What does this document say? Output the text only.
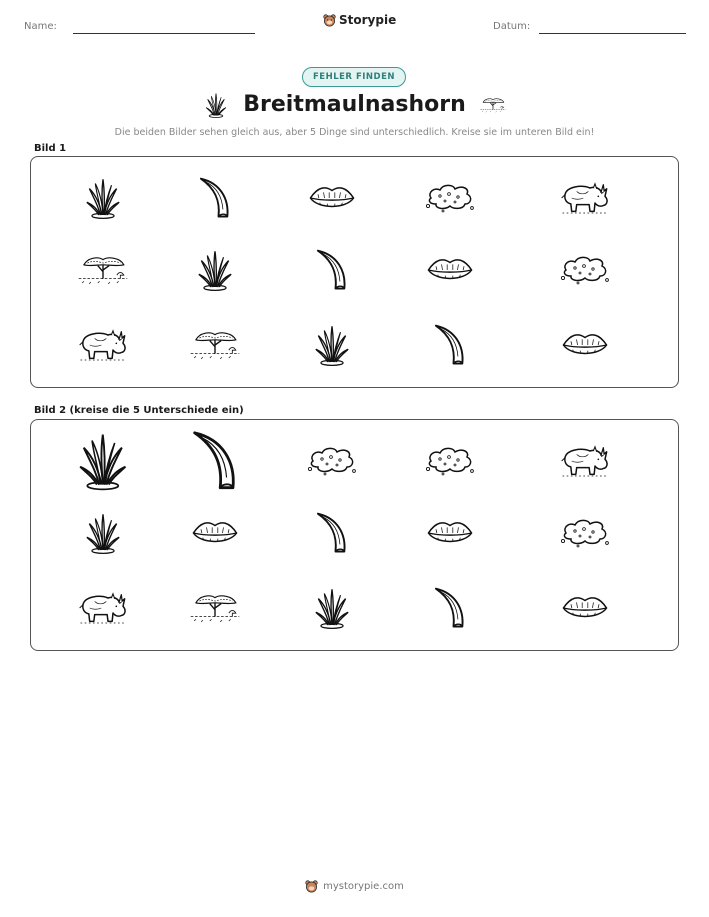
Name:	Storypie	Datum:
FEHLER FINDEN
Breitmaulnashorn
Die beiden Bilder sehen gleich aus, aber 5 Dinge sind unterschiedlich. Kreise sie im unteren Bild ein!
Bild 1
Bild 2 (kreise die 5 Unterschiede ein)
mystorypie.com
